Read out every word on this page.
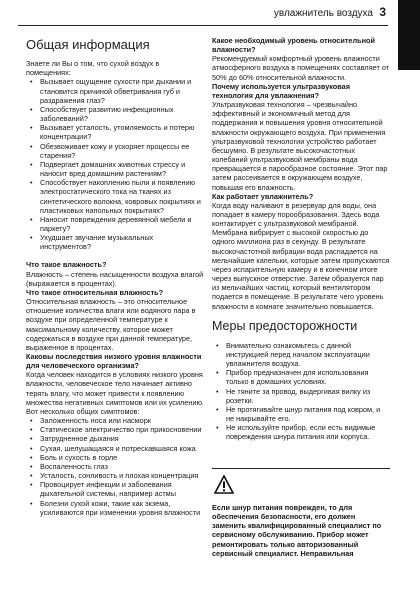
увлажнитель воздуха 3
Общая информация

Знаете ли Вы о том, что сухой воздух в помещениях:

• Вызывает ощущение сухости при дыхании и становится причиной обветривания губ и раздражения глаз?
• Способствует развитию инфекционных заболеваний?
• Вызывает усталость, утомляемость и потерю концентрации?
• Обезвоживает кожу и ускоряет процессы ее старения?
• Подвергает домашних животных стрессу и наносит вред домашним растениям?
• Способствует накоплению пыли и появлению электростатического тока на тканях из синтетического волокна, ковровых покрытиях и пластиковых напольных покрытиях?
• Наносит повреждения деревянной мебели и паркету?
• Ухудшает звучание музыкальных инструментов?

Что такое влажность?

Влажность – степень насыщенности воздуха влагой (выражается в процентах).

Что такое относительная влажность?

Относительная влажность – это относительное отношение количества влаги или водяного пара в воздухе при определенной температуре к максимальному количеству, которое может содержаться в воздухе при данной температуре, выраженное в процентах.

Каковы последствия низкого уровня влажности для человеческого организма?

Когда человек находится в условиях низкого уровня влажности, человеческое тело начинает активно терять влагу, что может привести к появлению множества негативных симптомов или их усилению.

Вот несколько общих симптомов:

• Заложенность носа или насморк
• Статическое электричество при прикосновении
• Затрудненное дыхания
• Сухая, шелушащаяся и потрескавшаяся кожа
• Боль и сухость в горле
• Воспаленность глаз
• Усталость, сонливость и плохая концентрация
• Провоцирует инфекции и заболевания дыхательной системы, например астмы
• Болезни сухой кожи, такие как экзема, усиливаются при изменении уровня влажности

Какое необходимый уровень относительной влажности?

Рекомендуемый комфортный уровень влажности атмосферного воздуха в помещениях составляет от 50% до 60% относительной влажности.

Почему используется ультразвуковая технология для увлажнения?

Ультразвуковая технология – чрезвычайно эффективный и экономичный метод для поддержания и повышения уровня относительной влажности окружающего воздуха. При применения ультразвуковой технологии устройство работает бесшумно. В результате высокочастотных колебаний ультразвуковой мембраны вода превращается в парообразное состояние. Этот пар затем рассеивается в окружающем воздухе, повышая его влажность.

Как работает увлажнитель?

Когда воду наливают в резервуар для воды, она попадает в камеру порообразования. Здесь вода контактирует с ультразвуковой мембраной. Мембрана вибрирует с высокой скоростью до одного миллиона раз в секунду. В результате высокочастотной вибрации вода распадается на мельчайшие капельки, которые затем пропускаются через испарительную камеру и в конечном итоге через выпускное отверстие. Затем образуется пар из мельчайших частиц, который вентилятором подается в помещение. В результате чего уровень влажности в комнате значительно повышается.

Меры предосторожности
• Внимательно ознакомьтесь с данной инструкцией перед началом эксплуатации увлажнителя воздуха.
• Прибор предназначен для использования только в домашних условиях.
• Не тяните за провод, выдергивая вилку из розетки.
• Не протягивайте шнур питания под ковром, и не накрывайте его.
• Не используйте прибор, если есть видимые повреждения шнура питания или корпуса.

Если шнур питания поврежден, то для обеспечения безопасности, его должен заменить квалифицированный специалист по сервисному обслуживанию. Прибор может ремонтировать только авторизованный сервисный специалист. Неправильная
